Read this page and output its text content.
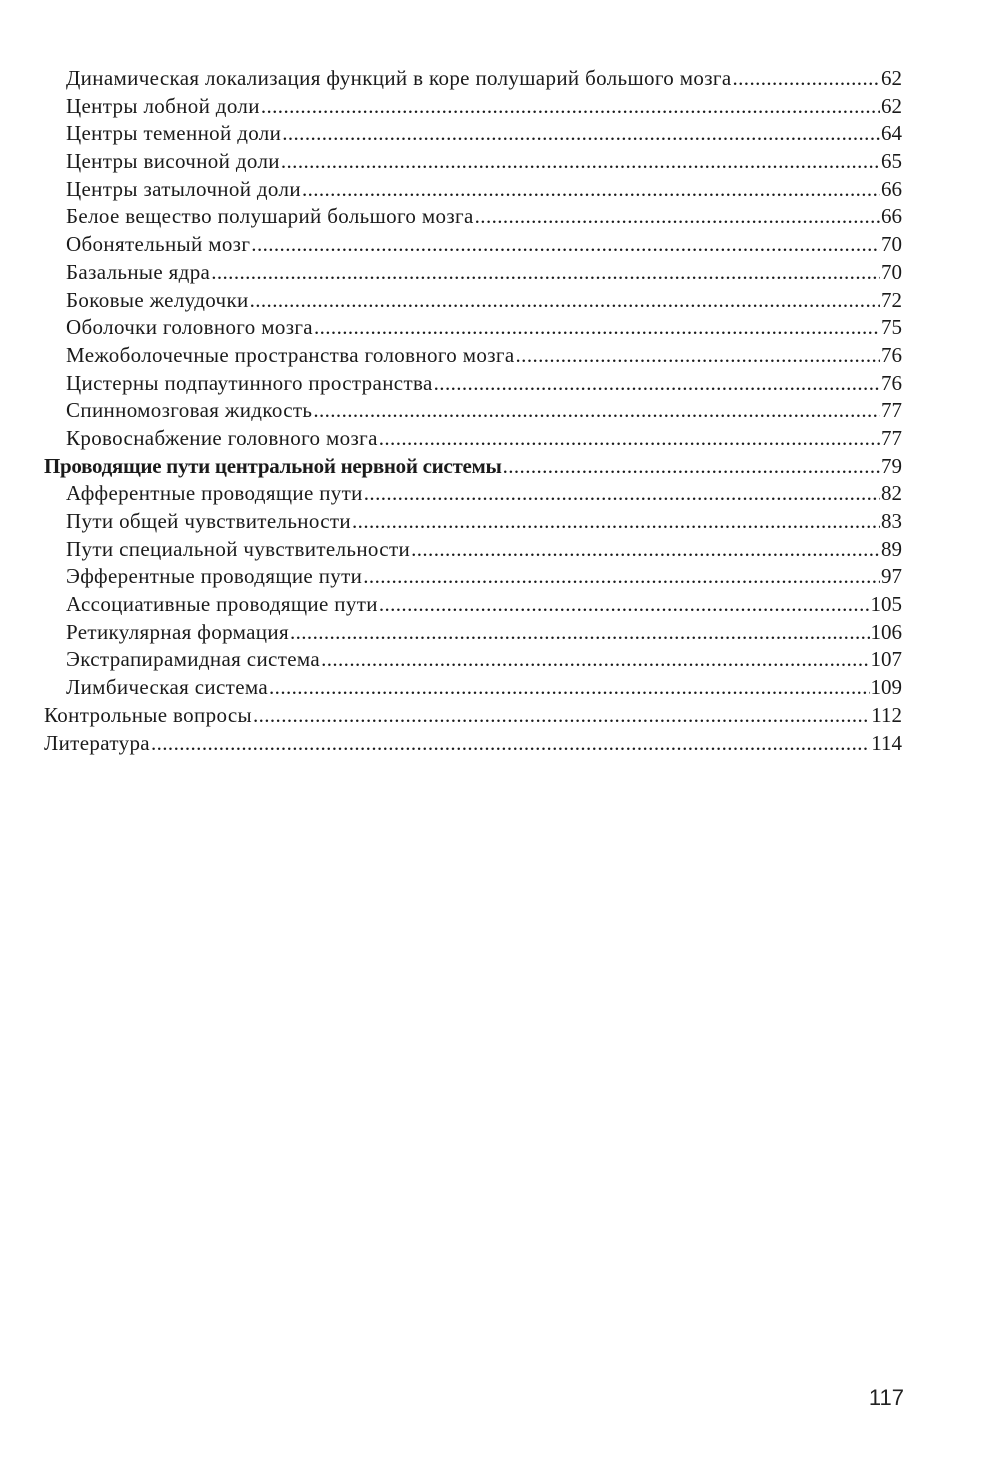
Динамическая локализация функций в коре полушарий большого мозга .....	62
Центры лобной доли .....	62
Центры теменной доли .....	64
Центры височной доли .....	65
Центры затылочной доли .....	66
Белое вещество полушарий большого мозга .....	66
Обонятельный мозг .....	70
Базальные ядра .....	70
Боковые желудочки .....	72
Оболочки головного мозга .....	75
Межоболочечные пространства головного мозга .....	76
Цистерны подпаутинного пространства .....	76
Спинномозговая жидкость .....	77
Кровоснабжение головного мозга .....	77
Проводящие пути центральной нервной системы .....	79
Афферентные проводящие пути .....	82
Пути общей чувствительности .....	83
Пути специальной чувствительности .....	89
Эфферентные проводящие пути .....	97
Ассоциативные проводящие пути .....	105
Ретикулярная формация .....	106
Экстрапирамидная система .....	107
Лимбическая система .....	109
Контрольные вопросы .....	112
Литература .....	114
117
